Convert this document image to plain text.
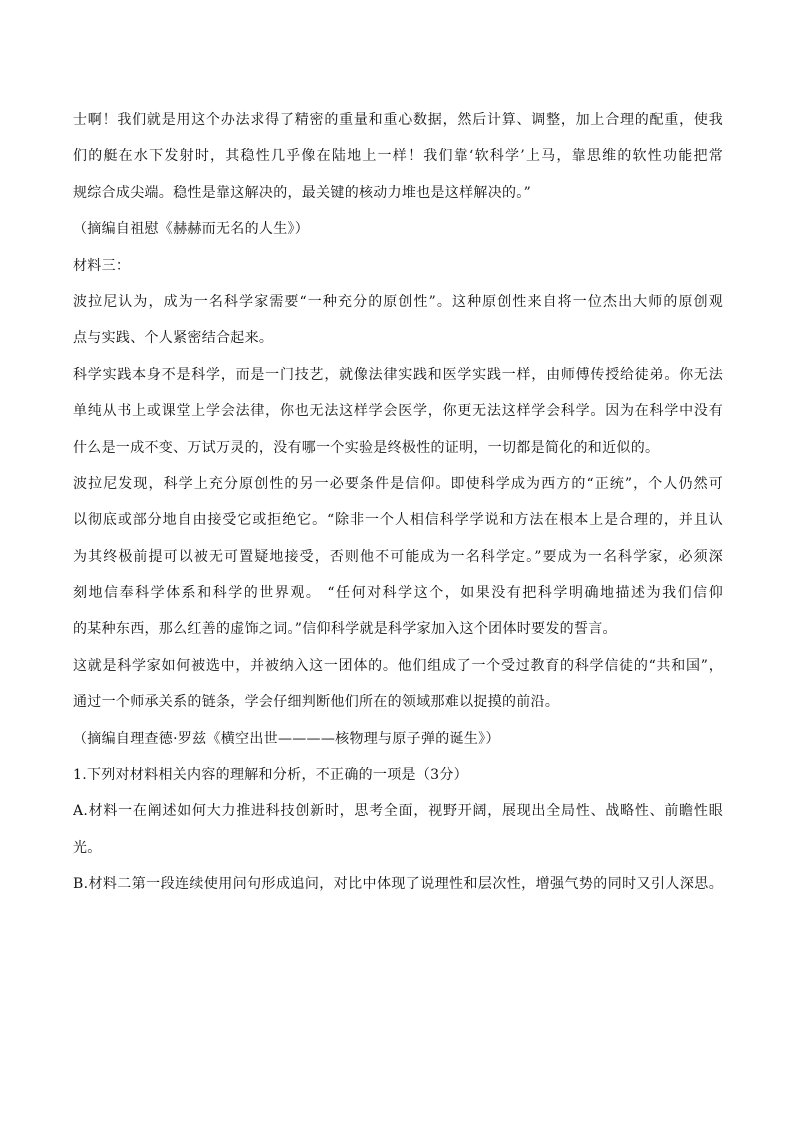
士啊！我们就是用这个办法求得了精密的重量和重心数据，然后计算、调整，加上合理的配重，使我
们的艇在水下发射时，其稳性几乎像在陆地上一样！我们靠‘软科学’上马，靠思维的软性功能把常
规综合成尖端。稳性是靠这解决的，最关键的核动力堆也是这样解决的。”
（摘编自祖慰《赫赫而无名的人生》）
材料三：
波拉尼认为，成为一名科学家需要“一种充分的原创性”。这种原创性来自将一位杰出大师的原创观
点与实践、个人紧密结合起来。
科学实践本身不是科学，而是一门技艺，就像法律实践和医学实践一样，由师傅传授给徒弟。你无法
单纯从书上或课堂上学会法律，你也无法这样学会医学，你更无法这样学会科学。因为在科学中没有
什么是一成不变、万试万灵的，没有哪一个实验是终极性的证明，一切都是简化的和近似的。
波拉尼发现，科学上充分原创性的另一必要条件是信仰。即使科学成为西方的“正统”，个人仍然可
以彻底或部分地自由接受它或拒绝它。“除非一个人相信科学学说和方法在根本上是合理的，并且认
为其终极前提可以被无可置疑地接受，否则他不可能成为一名科学定。”要成为一名科学家，必须深
刻地信奉科学体系和科学的世界观。 “任何对科学这个，如果没有把科学明确地描述为我们信仰
的某种东西，那么红善的虚饰之词。”信仰科学就是科学家加入这个团体时要发的誓言。
这就是科学家如何被选中，并被纳入这一团体的。他们组成了一个受过教育的科学信徒的“共和国”，
通过一个师承关系的链条，学会仔细判断他们所在的领域那难以捉摸的前沿。
（摘编自理查德·罗兹《横空出世————核物理与原子弹的诞生》）
1.下列对材料相关内容的理解和分析，不正确的一项是（3分）
A.材料一在阐述如何大力推进科技创新时，思考全面，视野开阔，展现出全局性、战略性、前瞻性眼
光。
B.材料二第一段连续使用问句形成追问，对比中体现了说理性和层次性，增强气势的同时又引人深思。
